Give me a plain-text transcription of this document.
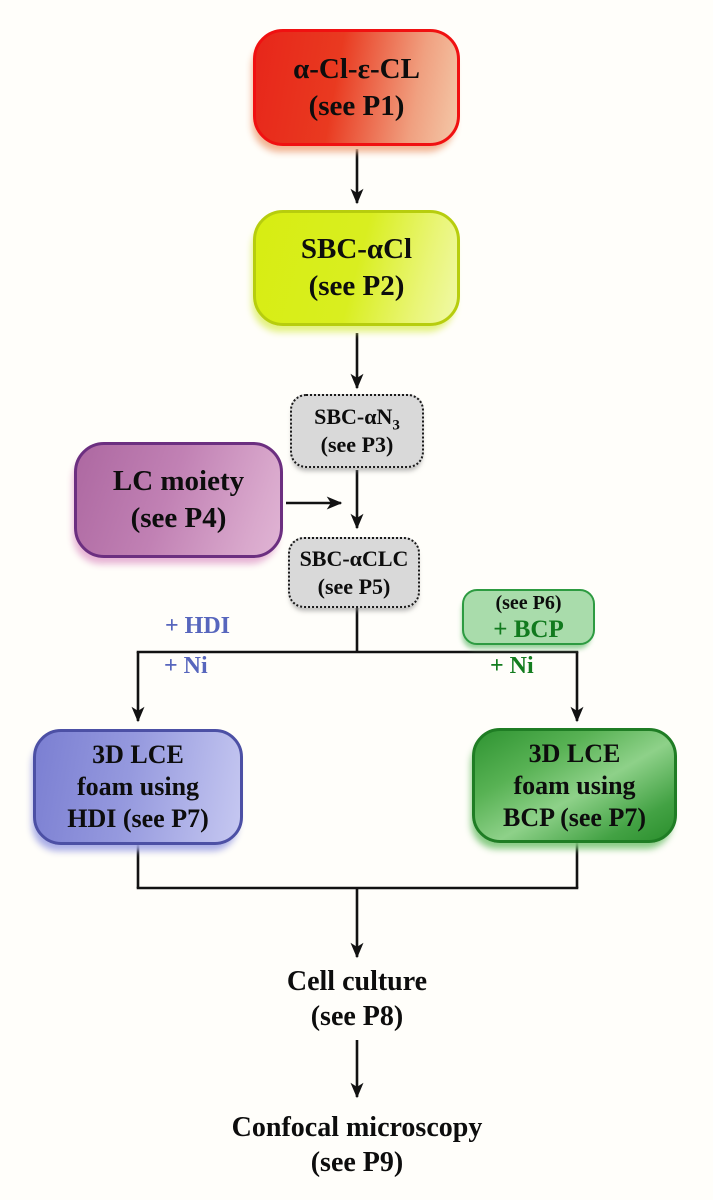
α-Cl-ε-CL
(see P1)
SBC-αCl
(see P2)
SBC-$\alpha N_3$
(see P3)
LC moiety
(see P4)
SBC-αCLC
(see P5)
(see P6)
+ BCP
+ HDI
+ Ni	+ Ni
3D LCE
foam using
HDI (see P7)
3D LCE
foam using
BCP (see P7)
Cell culture
(see P8)
Confocal microscopy
(see P9)
